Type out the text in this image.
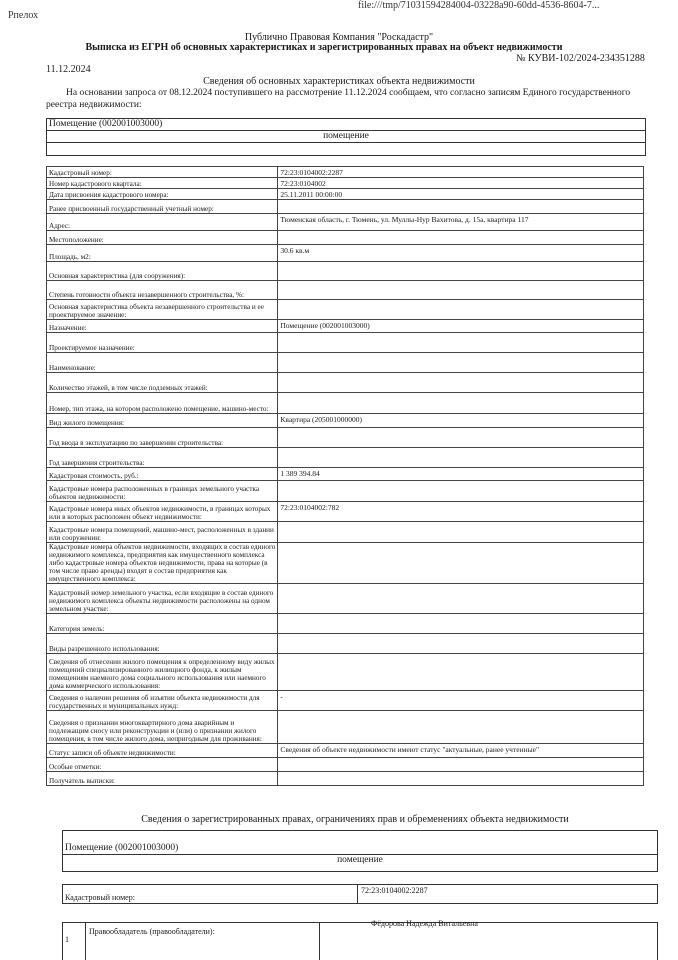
Рпелох
file:///tmp/71031594284004-03228a90-60dd-4536-8604-7...
Публично Правовая Компания "Роскадастр"
Выписка из ЕГРН об основных характеристиках и зарегистрированных правах на объект недвижимости
11.12.2024
№ КУВИ-102/2024-234351288
Сведения об основных характеристиках объекта недвижимости
На основании запроса от 08.12.2024 поступившего на рассмотрение 11.12.2024 сообщаем, что согласно записям Единого государственного реестра недвижимости:
Помещение (002001003000)
помещение
Кадастровый номер:	72:23:0104002:2287
Номер кадастрового квартала:	72:23:0104002
Дата присвоения кадастрового номера:	25.11.2011 00:00:00
Ранее присвоенный государственный учетный номер:	
Адрес:	Тюменская область, г. Тюмень, ул. Муллы-Нур Вахитова, д. 15а, квартира 117
Местоположение:	
Площадь, м2:	30.6 кв.м
Основная характеристика (для сооружения):	
Степень готовности объекта незавершенного строительства, %:	
Основная характеристика объекта незавершенного строительства и ее проектируемое значение:	
Назначение:	Помещение (002001003000)
Проектируемое назначение:	
Наименование:	
Количество этажей, в том числе подземных этажей:	
Номер, тип этажа, на котором расположено помещение, машино-место:	
Вид жилого помещения:	Квартира (205001000000)
Год ввода в эксплуатацию по завершении строительства:	
Год завершения строительства:	
Кадастровая стоимость, руб.:	1 389 394.84
Кадастровые номера расположенных в границах земельного участка объектов недвижимости:	
Кадастровые номера иных объектов недвижимости, в границах которых или в которых расположен объект недвижимости:	72:23:0104002:782
Кадастровые номера помещений, машино-мест, расположенных в здании или сооружении:	
Кадастровые номера объектов недвижимости, входящих в состав единого недвижимого комплекса, предприятия как имущественного комплекса либо кадастровые номера объектов недвижимости, права на которые (в том числе право аренды) входят в состав предприятия как имущественного комплекса:	
Кадастровый номер земельного участка, если входящие в состав единого недвижимого комплекса объекты недвижимости расположены на одном земельном участке:	
Категория земель:	
Виды разрешенного использования:	
Сведения об отнесении жилого помещения к определенному виду жилых помещений специализированного жилищного фонда, к жилым помещениям наемного дома социального использования или наемного дома коммерческого использования:	
Сведения о наличии решения об изъятии объекта недвижимости для государственных и муниципальных нужд:	-
Сведения о признании многоквартирного дома аварийным и подлежащим сносу или реконструкции и (или) о признании жилого помещения, в том числе жилого дома, непригодным для проживания:	
Статус записи об объекте недвижимости:	Сведения об объекте недвижимости имеют статус "актуальные, ранее учтенные"
Особые отметки:	
Получатель выписки:	
Сведения о зарегистрированных правах, ограничениях прав и обременениях объекта недвижимости
Помещение (002001003000)
помещение
Кадастровый номер:
72:23:0104002:2287
1
Правообладатель (правообладатели):
Фёдорова Надежда Витальевна
